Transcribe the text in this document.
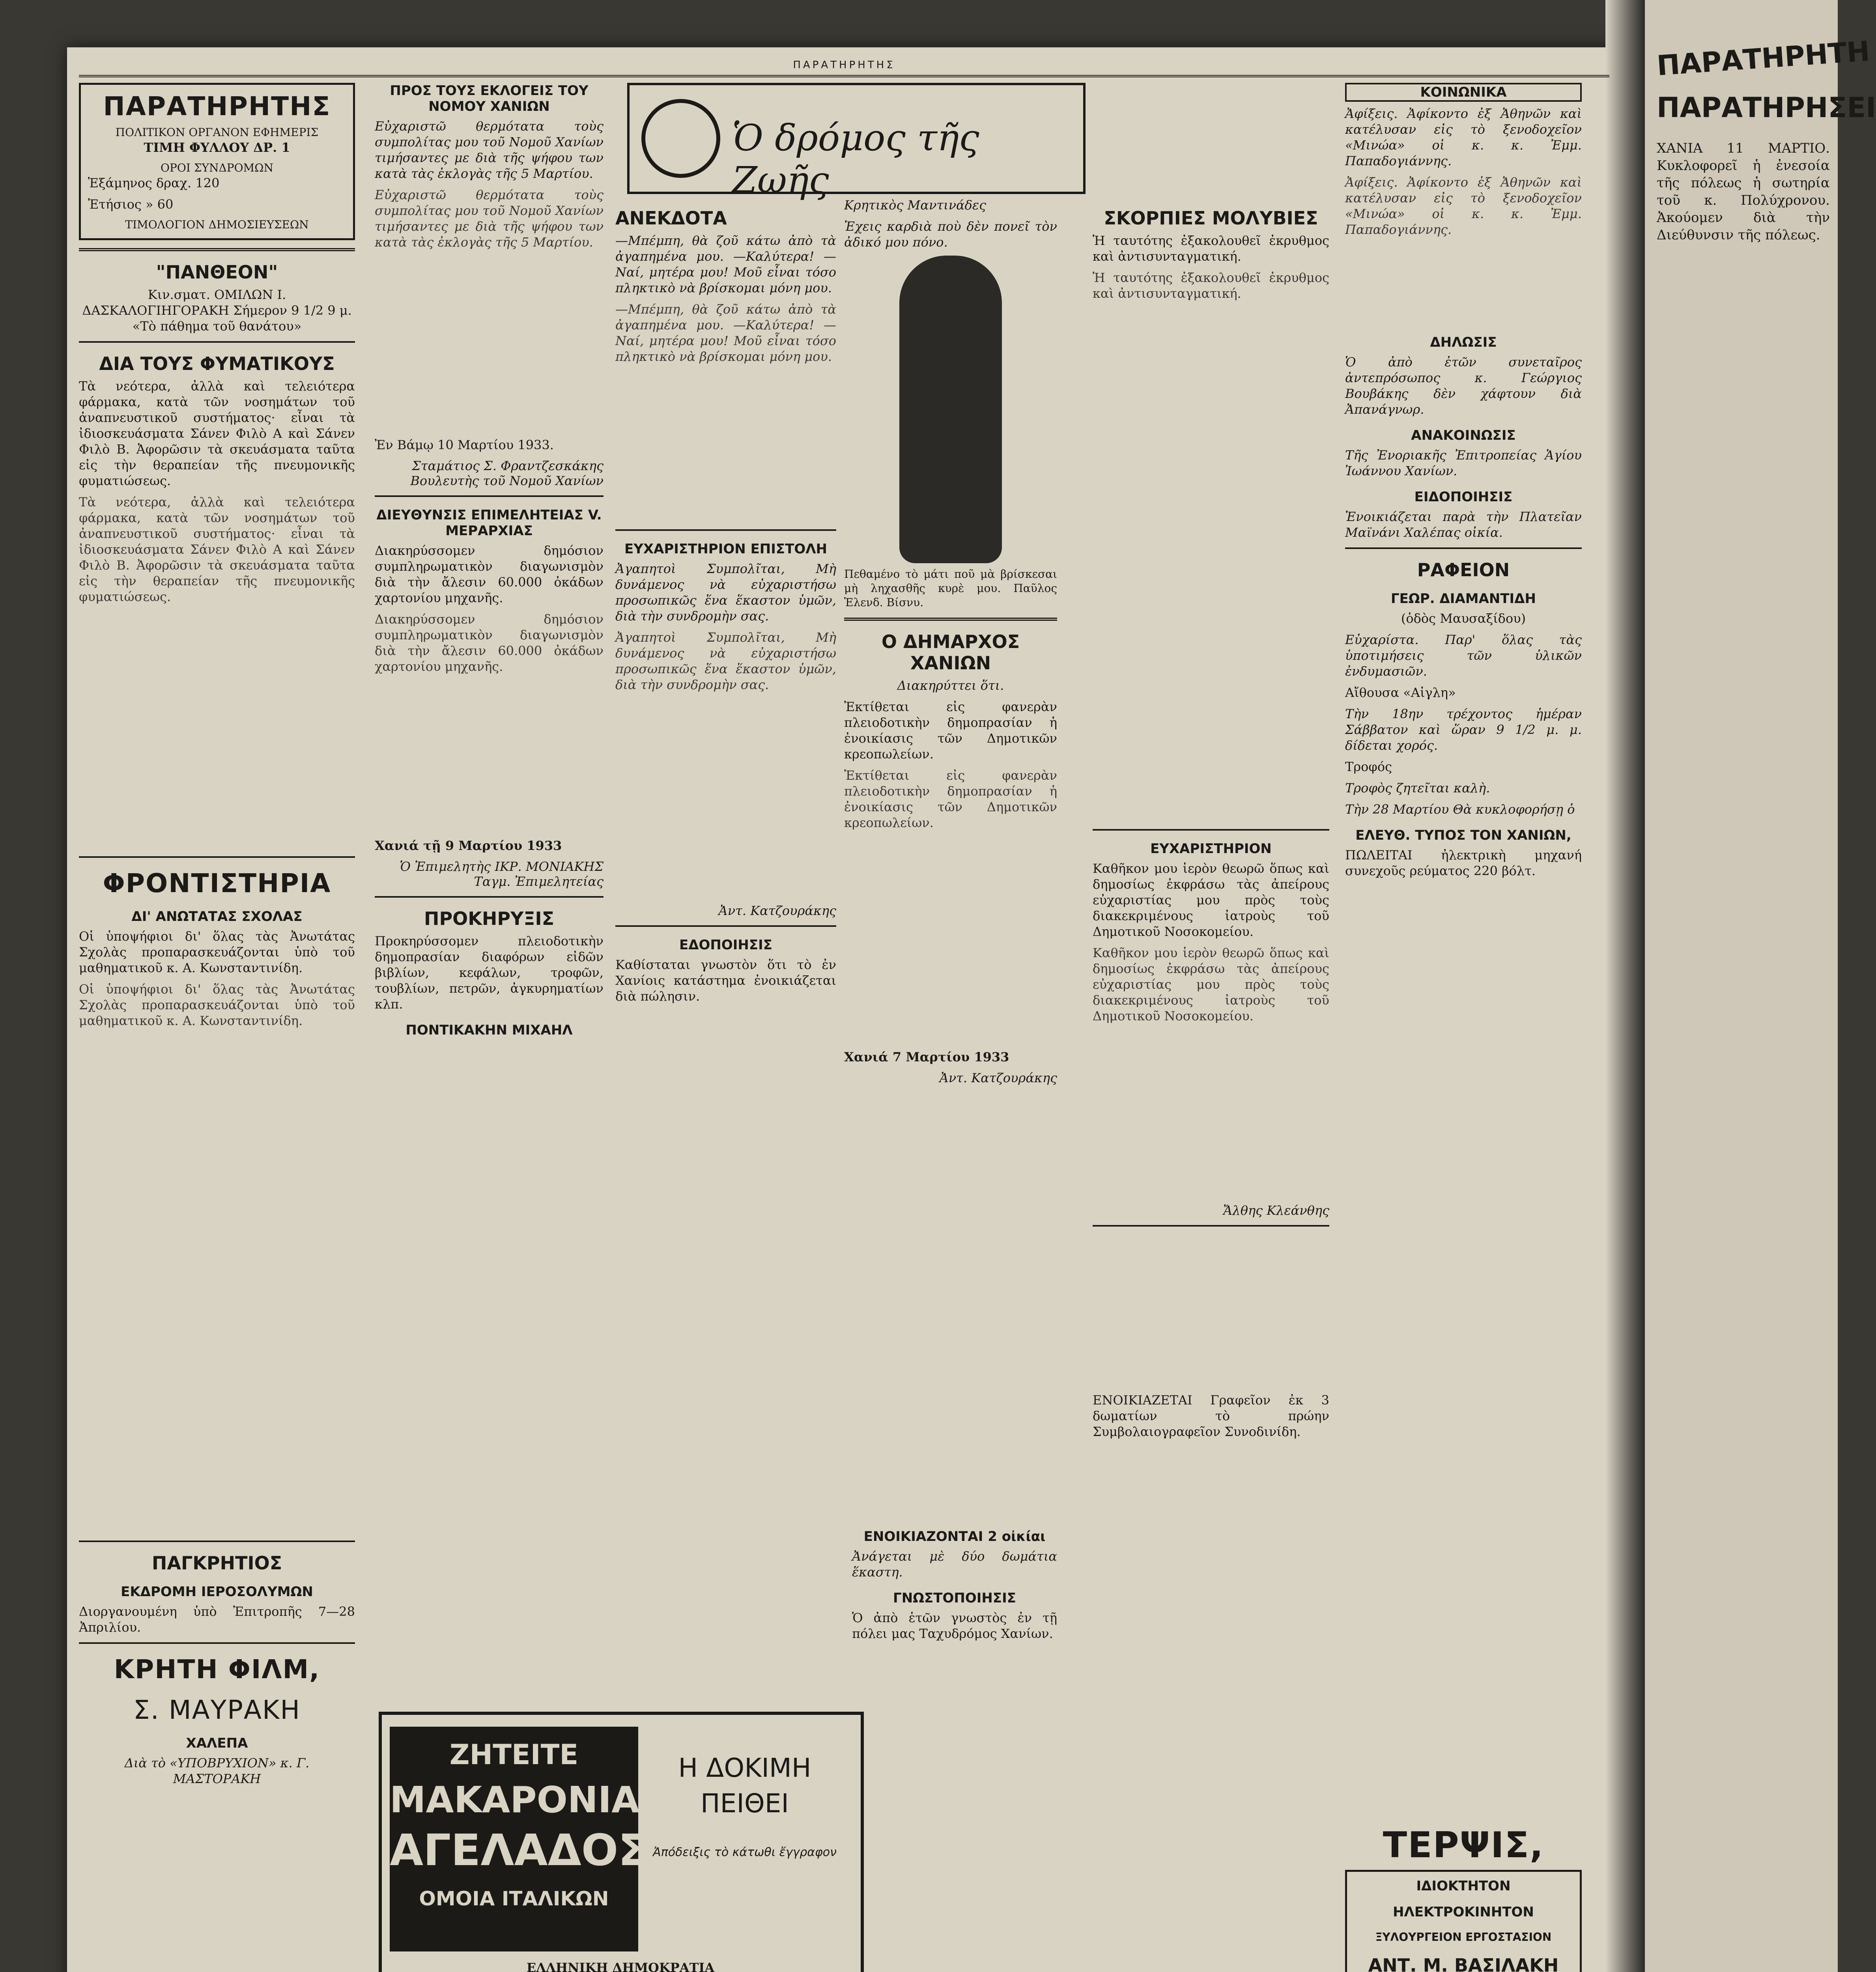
ΠΑΡΑΤΗΡΗΤΗ
ΠΑΡΑΤΗΡΗΣΕΙ
ΧΑΝΙΑ 11 ΜΑΡΤΙΟ. Κυκλοφορεῖ ἡ ἐνεσοία τῆς πόλεως ἡ σωτηρία τοῦ κ. Πολύχρονου. Ἀκούομεν διὰ τὴν Διεύθυνσιν τῆς πόλεως.
ΠΑΡΑΤΗΡΗΤΗΣ
Ὁ δρόμος τῆς Ζωῆς
ΠΑΡΑΤΗΡΗΤΗΣ
ΠΟΛΙΤΙΚΟΝ ΟΡΓΑΝΟΝ ΕΦΗΜΕΡΙΣ
ΤΙΜΗ ΦΥΛΛΟΥ ΔΡ. 1
ΟΡΟΙ ΣΥΝΔΡΟΜΩΝ
Ἑξάμηνος δραχ. 120
Ἐτήσιος » 60
ΤΙΜΟΛΟΓΙΟΝ ΔΗΜΟΣΙΕΥΣΕΩΝ
"ΠΑΝΘΕΟΝ"
Κιν.σματ. ΟΜΙΛΩΝ Ι. ΔΑΣΚΑΛΟΓΙΗΓΟΡΑΚΗ Σήμερον 9 1/2 9 μ. «Τὸ πάθημα τοῦ θανάτου»
ΔΙΑ ΤΟΥΣ ΦΥΜΑΤΙΚΟΥΣ
Τὰ νεότερα, ἀλλὰ καὶ τελειότερα φάρμακα, κατὰ τῶν νοσημάτων τοῦ ἀναπνευστικοῦ συστήματος· εἶναι τὰ ἰδιοσκευάσματα Σάνεν Φιλὸ Α καὶ Σάνεν Φιλὸ Β. Ἀφορῶσιν τὰ σκευάσματα ταῦτα εἰς τὴν θεραπείαν τῆς πνευμονικῆς φυματιώσεως.
Τὰ νεότερα, ἀλλὰ καὶ τελειότερα φάρμακα, κατὰ τῶν νοσημάτων τοῦ ἀναπνευστικοῦ συστήματος· εἶναι τὰ ἰδιοσκευάσματα Σάνεν Φιλὸ Α καὶ Σάνεν Φιλὸ Β. Ἀφορῶσιν τὰ σκευάσματα ταῦτα εἰς τὴν θεραπείαν τῆς πνευμονικῆς φυματιώσεως.
ΦΡΟΝΤΙΣΤΗΡΙΑ
ΔΙ' ΑΝΩΤΑΤΑΣ ΣΧΟΛΑΣ
Οἱ ὑποψήφιοι δι' ὅλας τὰς Ἀνωτάτας Σχολὰς προπαρασκευάζονται ὑπὸ τοῦ μαθηματικοῦ κ. Α. Κωνσταντινίδη.
Οἱ ὑποψήφιοι δι' ὅλας τὰς Ἀνωτάτας Σχολὰς προπαρασκευάζονται ὑπὸ τοῦ μαθηματικοῦ κ. Α. Κωνσταντινίδη.
ΠΑΓΚΡΗΤΙΟΣ
ΕΚΔΡΟΜΗ ΙΕΡΟΣΟΛΥΜΩΝ
Διοργανουμένη ὑπὸ Ἐπιτροπῆς 7—28 Ἀπριλίου.
ΚΡΗΤΗ ΦΙΛΜ,
Σ. ΜΑΥΡΑΚΗ
ΧΑΛΕΠΑ
Διὰ τὸ «ΥΠΟΒΡΥΧΙΟΝ» κ. Γ. ΜΑΣΤΟΡΑΚΗ
ΠΡΟΣ ΤΟΥΣ ΕΚΛΟΓΕΙΣ ΤΟΥ ΝΟΜΟΥ ΧΑΝΙΩΝ
Εὐχαριστῶ θερμότατα τοὺς συμπολίτας μου τοῦ Νομοῦ Χανίων τιμήσαντες με διὰ τῆς ψήφου των κατὰ τὰς ἐκλογὰς τῆς 5 Μαρτίου.
Εὐχαριστῶ θερμότατα τοὺς συμπολίτας μου τοῦ Νομοῦ Χανίων τιμήσαντες με διὰ τῆς ψήφου των κατὰ τὰς ἐκλογὰς τῆς 5 Μαρτίου.
Ἐν Βάμῳ 10 Μαρτίου 1933.
Σταμάτιος Σ. Φραντζεσκάκης Βουλευτὴς τοῦ Νομοῦ Χανίων
ΔΙΕΥΘΥΝΣΙΣ ΕΠΙΜΕΛΗΤΕΙΑΣ V. ΜΕΡΑΡΧΙΑΣ
Διακηρύσσομεν δημόσιον συμπληρωματικὸν διαγωνισμὸν διὰ τὴν ἄλεσιν 60.000 ὀκάδων χαρτονίου μηχανῆς.
Διακηρύσσομεν δημόσιον συμπληρωματικὸν διαγωνισμὸν διὰ τὴν ἄλεσιν 60.000 ὀκάδων χαρτονίου μηχανῆς.
Χανιά τῇ 9 Μαρτίου 1933
Ὁ Ἐπιμελητὴς ΙΚΡ. ΜΟΝΙΑΚΗΣ Ταγμ. Ἐπιμελητείας
ΠΡΟΚΗΡΥΞΙΣ
Προκηρύσσομεν πλειοδοτικὴν δημοπρασίαν διαφόρων εἰδῶν βιβλίων, κεφάλων, τροφῶν, τουβλίων, πετρῶν, ἀγκυρηματίων κλπ.
ΠΟΝΤΙΚΑΚΗΝ ΜΙΧΑΗΛ
ΑΝΕΚΔΟΤΑ
—Μπέμπη, θὰ ζοῦ κάτω ἀπὸ τὰ ἀγαπημένα μου. —Καλύτερα! —Ναί, μητέρα μου! Μοῦ εἶναι τόσο πληκτικὸ νὰ βρίσκομαι μόνη μου.
—Μπέμπη, θὰ ζοῦ κάτω ἀπὸ τὰ ἀγαπημένα μου. —Καλύτερα! —Ναί, μητέρα μου! Μοῦ εἶναι τόσο πληκτικὸ νὰ βρίσκομαι μόνη μου.
ΕΥΧΑΡΙΣΤΗΡΙΟΝ ΕΠΙΣΤΟΛΗ
Ἀγαπητοὶ Συμπολῖται, Μὴ δυνάμενος νὰ εὐχαριστήσω προσωπικῶς ἕνα ἕκαστον ὑμῶν, διὰ τὴν συνδρομὴν σας.
Ἀγαπητοὶ Συμπολῖται, Μὴ δυνάμενος νὰ εὐχαριστήσω προσωπικῶς ἕνα ἕκαστον ὑμῶν, διὰ τὴν συνδρομὴν σας.
Ἀντ. Κατζουράκης
ΕΔΟΠΟΙΗΣΙΣ
Καθίσταται γνωστὸν ὅτι τὸ ἐν Χανίοις κατάστημα ἐνοικιάζεται διὰ πώλησιν.
Κρητικὸς Μαντινάδες
Ἐχεις καρδιὰ ποὺ δὲν πονεῖ τὸν ἀδικό μου πόνο.
Πεθαμένο τὸ μάτι ποῦ μὰ βρίσκεσαι μὴ ληχασθῆς κυρὲ μου. Παῦλος Ἑλενδ. Βίσνυ.
Ο ΔΗΜΑΡΧΟΣ ΧΑΝΙΩΝ
Διακηρύττει ὅτι.
Ἐκτίθεται εἰς φανερὰν πλειοδοτικὴν δημοπρασίαν ἡ ἐνοικίασις τῶν Δημοτικῶν κρεοπωλείων.
Ἐκτίθεται εἰς φανερὰν πλειοδοτικὴν δημοπρασίαν ἡ ἐνοικίασις τῶν Δημοτικῶν κρεοπωλείων.
Χανιά 7 Μαρτίου 1933
Ἀντ. Κατζουράκης
ΕΝΟΙΚΙΑΖΟΝΤΑΙ 2 οἰκίαι
Ἀνάγεται μὲ δύο δωμάτια ἕκαστη.
ΓΝΩΣΤΟΠΟΙΗΣΙΣ
Ὁ ἀπὸ ἑτῶν γνωστὸς ἐν τῇ πόλει μας Ταχυδρόμος Χανίων.
ΣΚΟΡΠΙΕΣ ΜΟΛΥΒΙΕΣ
Ἡ ταυτότης ἐξακολουθεῖ ἐκρυθμος καὶ ἀντισυνταγματική.
Ἡ ταυτότης ἐξακολουθεῖ ἐκρυθμος καὶ ἀντισυνταγματική.
ΕΥΧΑΡΙΣΤΗΡΙΟΝ
Καθῆκον μου ἱερὸν θεωρῶ ὅπως καὶ δημοσίως ἐκφράσω τὰς ἀπείρους εὐχαριστίας μου πρὸς τοὺς διακεκριμένους ἰατροὺς τοῦ Δημοτικοῦ Νοσοκομείου.
Καθῆκον μου ἱερὸν θεωρῶ ὅπως καὶ δημοσίως ἐκφράσω τὰς ἀπείρους εὐχαριστίας μου πρὸς τοὺς διακεκριμένους ἰατροὺς τοῦ Δημοτικοῦ Νοσοκομείου.
Ἄλθης Κλεάνθης
ΕΝΟΙΚΙΑΖΕΤΑΙ Γραφεῖον ἐκ 3 δωματίων τὸ πρώην Συμβολαιογραφεῖον Συνοδινίδη.
ΚΟΙΝΩΝΙΚΑ
Ἀφίξεις. Ἀφίκοντο ἐξ Ἀθηνῶν καὶ κατέλυσαν εἰς τὸ ξενοδοχεῖον «Μινώα» οἱ κ. κ. Ἐμμ. Παπαδογιάννης.
Ἀφίξεις. Ἀφίκοντο ἐξ Ἀθηνῶν καὶ κατέλυσαν εἰς τὸ ξενοδοχεῖον «Μινώα» οἱ κ. κ. Ἐμμ. Παπαδογιάννης.
ΔΗΛΩΣΙΣ
Ὁ ἀπὸ ἐτῶν συνεταῖρος ἀντεπρόσωπος κ. Γεώργιος Βουβάκης δὲν χάφτουν διὰ Ἀπανάγνωρ.
ΑΝΑΚΟΙΝΩΣΙΣ
Τῆς Ἐνοριακῆς Ἐπιτροπείας Ἁγίου Ἰωάννου Χανίων.
ΕΙΔΟΠΟΙΗΣΙΣ
Ἐνοικιάζεται παρὰ τὴν Πλατεῖαν Μαϊνάνι Χαλέπας οἰκία.
ΡΑΦΕΙΟΝ
ΓΕΩΡ. ΔΙΑΜΑΝΤΙΔΗ
(ὁδὸς Μαυσαξίδου)
Εὐχαρίστα. Παρ' ὅλας τὰς ὑποτιμήσεις τῶν ὑλικῶν ἐνδυμασιῶν.
Αἴθουσα «Αἰγλη»
Τὴν 18ην τρέχοντος ἡμέραν Σάββατον καὶ ὥραν 9 1/2 μ. μ. δίδεται χορός.
Τροφός
Τροφὸς ζητεῖται καλὴ.
Τὴν 28 Μαρτίου Θὰ κυκλοφορήσῃ ὁ
ΕΛΕΥΘ. ΤΥΠΟΣ ΤΟΝ ΧΑΝΙΩΝ,
ΠΩΛΕΙΤΑΙ ἠλεκτρικὴ μηχανή συνεχοῦς ρεύματος 220 βόλτ.
ΤΕΡΨΙΣ,
ΙΔΙΟΚΤΗΤΟΝ
ΗΛΕΚΤΡΟΚΙΝΗΤΟΝ
ΞΥΛΟΥΡΓΕΙΟΝ ΕΡΓΟΣΤΑΣΙΟΝ
ΑΝΤ. Μ. ΒΑΣΙΛΑΚΗ
ΖΗΤΕΙΤΕ
ΜΑΚΑΡΟΝΙΑ
ΑΓΕΛΑΔΟΣ
ΟΜΟΙΑ ΙΤΑΛΙΚΩΝ
Η ΔΟΚΙΜΗ
ΠΕΙΘΕΙ
Ἀπόδειξις τὸ κάτωθι ἔγγραφον
ΕΛΛΗΝΙΚΗ ΔΗΜΟΚΡΑΤΙΑ
